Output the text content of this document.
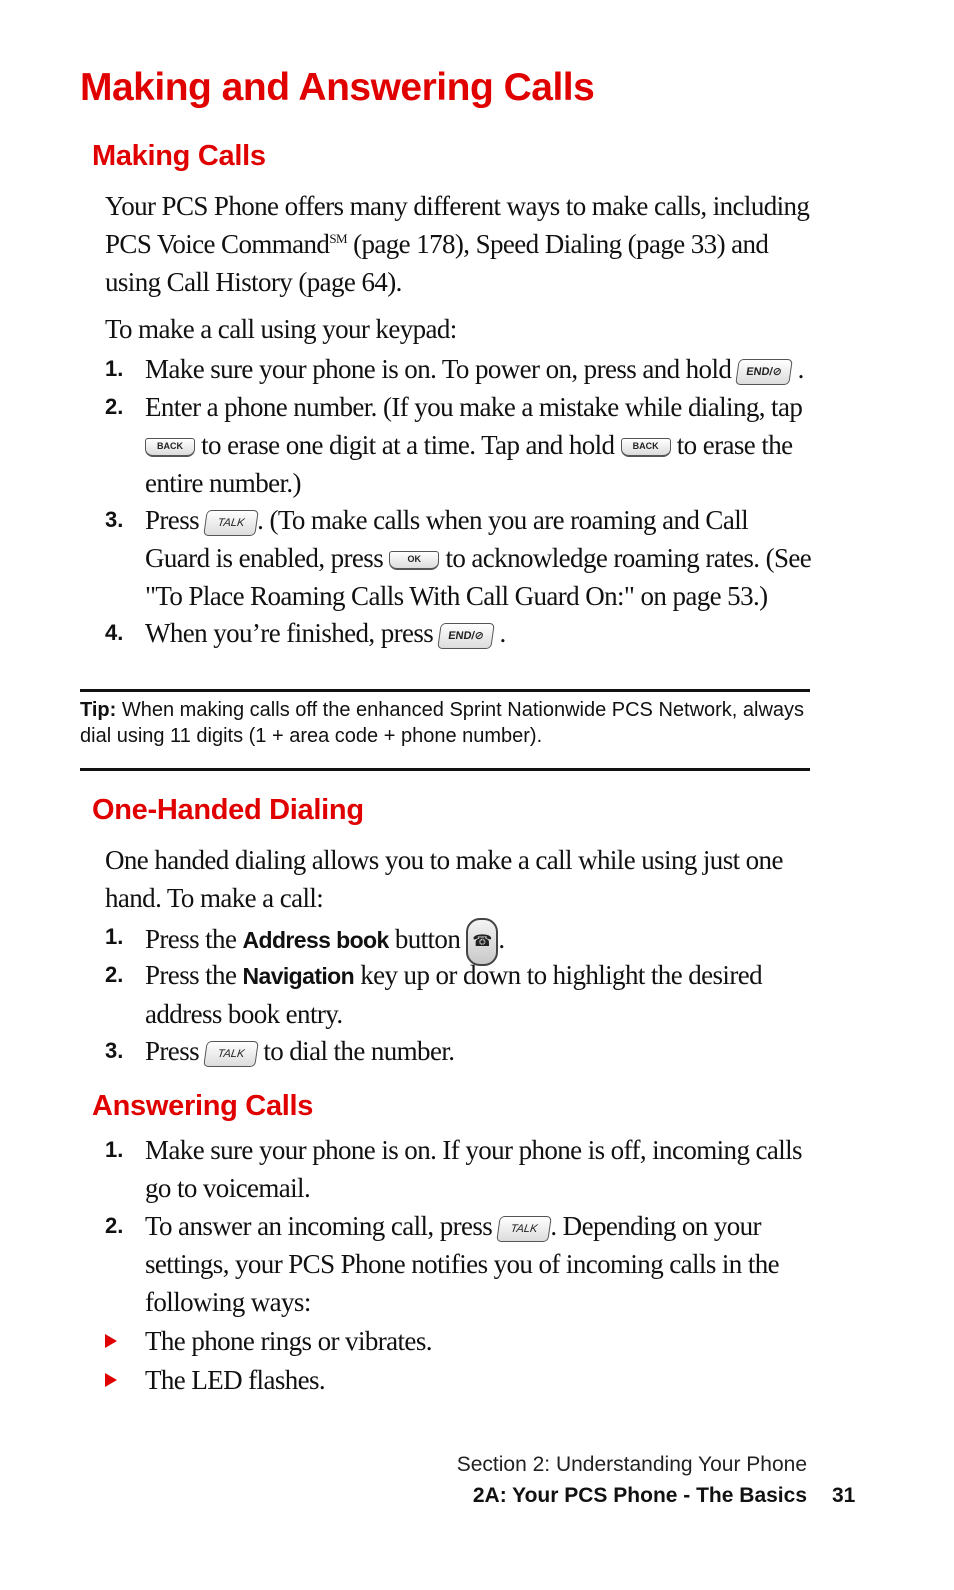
Making and Answering Calls
Making Calls

Your PCS Phone offers many different ways to make calls, including PCS Voice Command℠ (page 178), Speed Dialing (page 33) and using Call History (page 64).

To make a call using your keypad:

1. Make sure your phone is on. To power on, press and hold END/⊘ .
2. Enter a phone number. (If you make a mistake while dialing, tap BACK to erase one digit at a time. Tap and hold BACK to erase the entire number.)
3. Press TALK . (To make calls when you are roaming and Call Guard is enabled, press	OK to acknowledge roaming rates. (See "To Place Roaming Calls With Call Guard On:" on page 53.)
4. When you’re finished, press END/⊘ .

Tip: When making calls off the enhanced Sprint Nationwide PCS Network, always dial using 11 digits (1 + area code + phone number).

One-Handed Dialing

One handed dialing allows you to make a call while using just one hand. To make a call:

1. Press the Address book button ☎ .
2. Press the Navigation key up or down to highlight the desired address book entry.
3. Press TALK to dial the number.
Answering Calls
1. Make sure your phone is on. If your phone is off, incoming calls go to voicemail.
2. To answer an incoming call, press TALK . Depending on your settings, your PCS Phone notifies you of incoming calls in the following ways:
The phone rings or vibrates.
The LED flashes.
Section 2: Understanding Your Phone
2A: Your PCS Phone - The Basics 31
